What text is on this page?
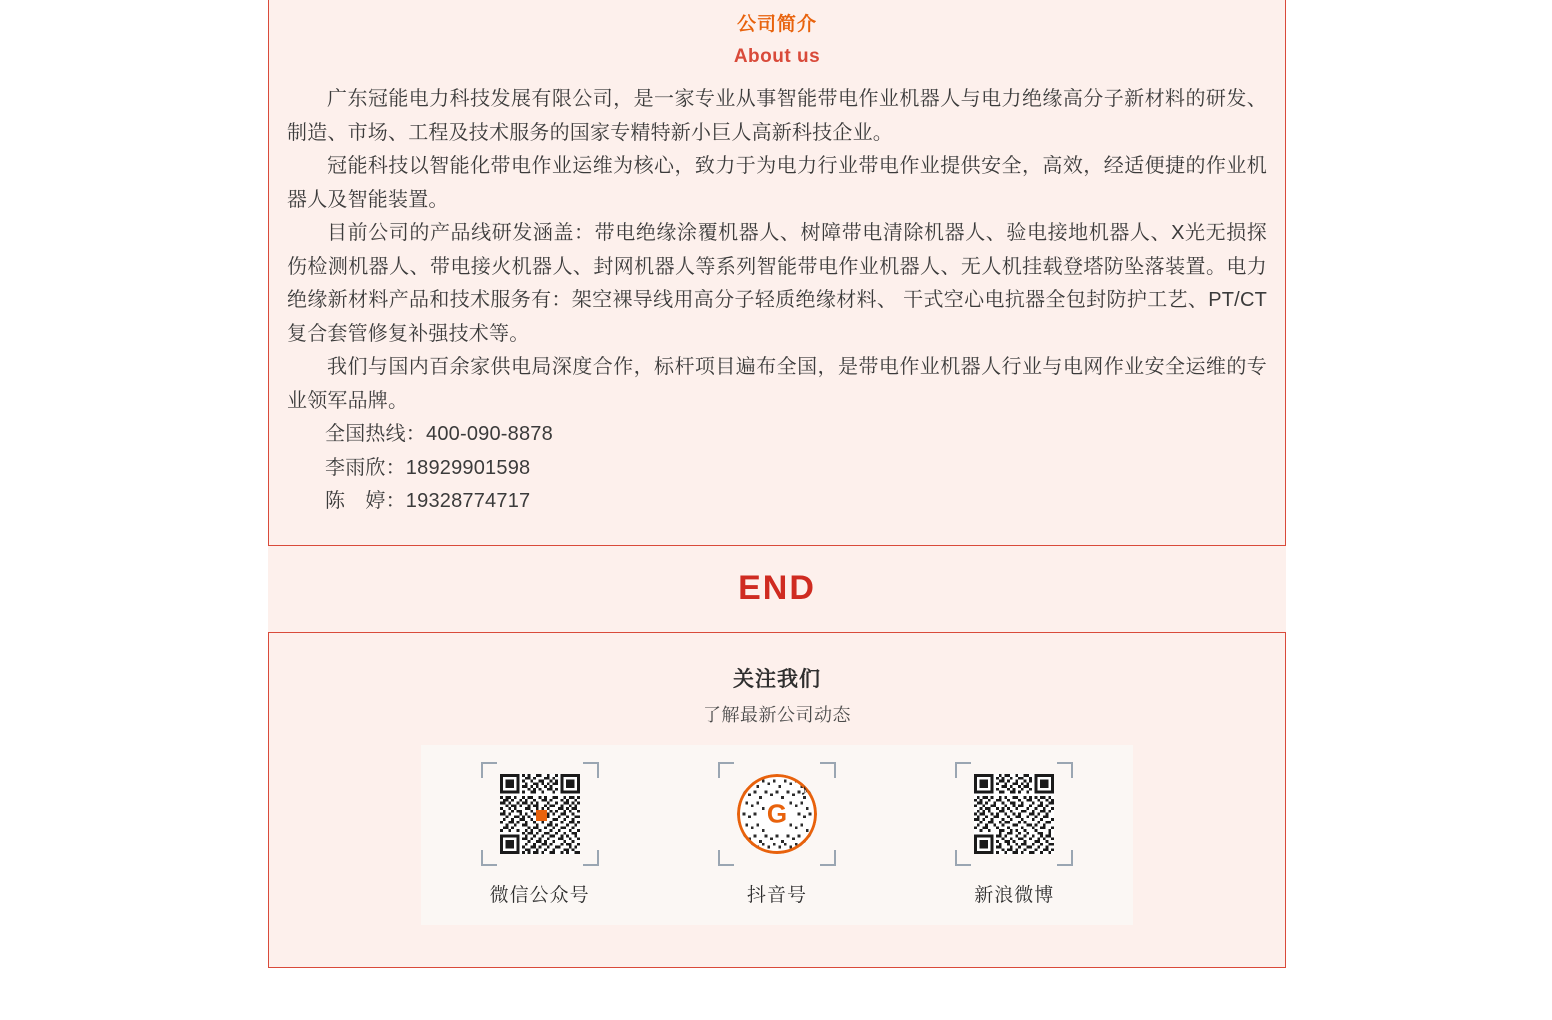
公司简介
About us

广东冠能电力科技发展有限公司，是一家专业从事智能带电作业机器人与电力绝缘高分子新材料的研发、制造、市场、工程及技术服务的国家专精特新小巨人高新科技企业。

冠能科技以智能化带电作业运维为核心，致力于为电力行业带电作业提供安全，高效，经适便捷的作业机器人及智能装置。

目前公司的产品线研发涵盖：带电绝缘涂覆机器人、树障带电清除机器人、验电接地机器人、X光无损探伤检测机器人、带电接火机器人、封网机器人等系列智能带电作业机器人、无人机挂载登塔防坠落装置。电力绝缘新材料产品和技术服务有：架空裸导线用高分子轻质绝缘材料、 干式空心电抗器全包封防护工艺、PT/CT复合套管修复补强技术等。

我们与国内百余家供电局深度合作，标杆项目遍布全国，是带电作业机器人行业与电网作业安全运维的专业领军品牌。

全国热线：400-090-8878

李雨欣：18929901598

陈　婷：19328774717

END
关注我们

了解最新公司动态

微信公众号
G
♪
抖音号	新浪微博
